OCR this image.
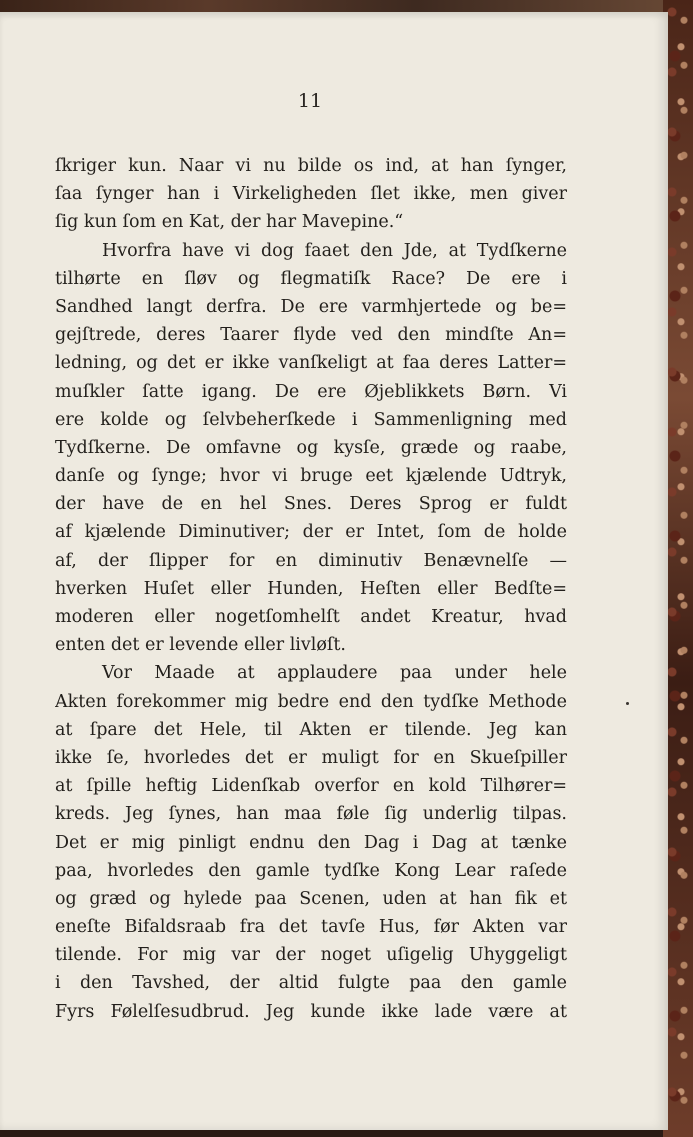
11
ſkriger kun. Naar vi nu bilde os ind, at han ſynger,
ſaa ſynger han i Virkeligheden ſlet ikke, men giver
ſig kun ſom en Kat, der har Mavepine.“
Hvorfra have vi dog faaet den Jde, at Tydſkerne
tilhørte en ſløv og flegmatiſk Race? De ere i
Sandhed langt derfra. De ere varmhjertede og be=
gejſtrede, deres Taarer flyde ved den mindſte An=
ledning, og det er ikke vanſkeligt at faa deres Latter=
muſkler ſatte igang. De ere Øjeblikkets Børn. Vi
ere kolde og ſelvbeherſkede i Sammenligning med
Tydſkerne. De omfavne og kysſe, græde og raabe,
danſe og ſynge; hvor vi bruge eet kjælende Udtryk,
der have de en hel Snes. Deres Sprog er fuldt
af kjælende Diminutiver; der er Intet, ſom de holde
af, der ſlipper for en diminutiv Benævnelſe —
hverken Huſet eller Hunden, Heſten eller Bedſte=
moderen eller nogetſomhelſt andet Kreatur, hvad
enten det er levende eller livløſt.
Vor Maade at applaudere paa under hele
Akten forekommer mig bedre end den tydſke Methode
at ſpare det Hele, til Akten er tilende. Jeg kan
ikke ſe, hvorledes det er muligt for en Skueſpiller
at ſpille heftig Lidenſkab overfor en kold Tilhører=
kreds. Jeg ſynes, han maa føle ſig underlig tilpas.
Det er mig pinligt endnu den Dag i Dag at tænke
paa, hvorledes den gamle tydſke Kong Lear raſede
og græd og hylede paa Scenen, uden at han fik et
eneſte Bifaldsraab fra det tavſe Hus, før Akten var
tilende. For mig var der noget uſigelig Uhyggeligt
i den Tavshed, der altid fulgte paa den gamle
Fyrs Følelſesudbrud. Jeg kunde ikke lade være at
